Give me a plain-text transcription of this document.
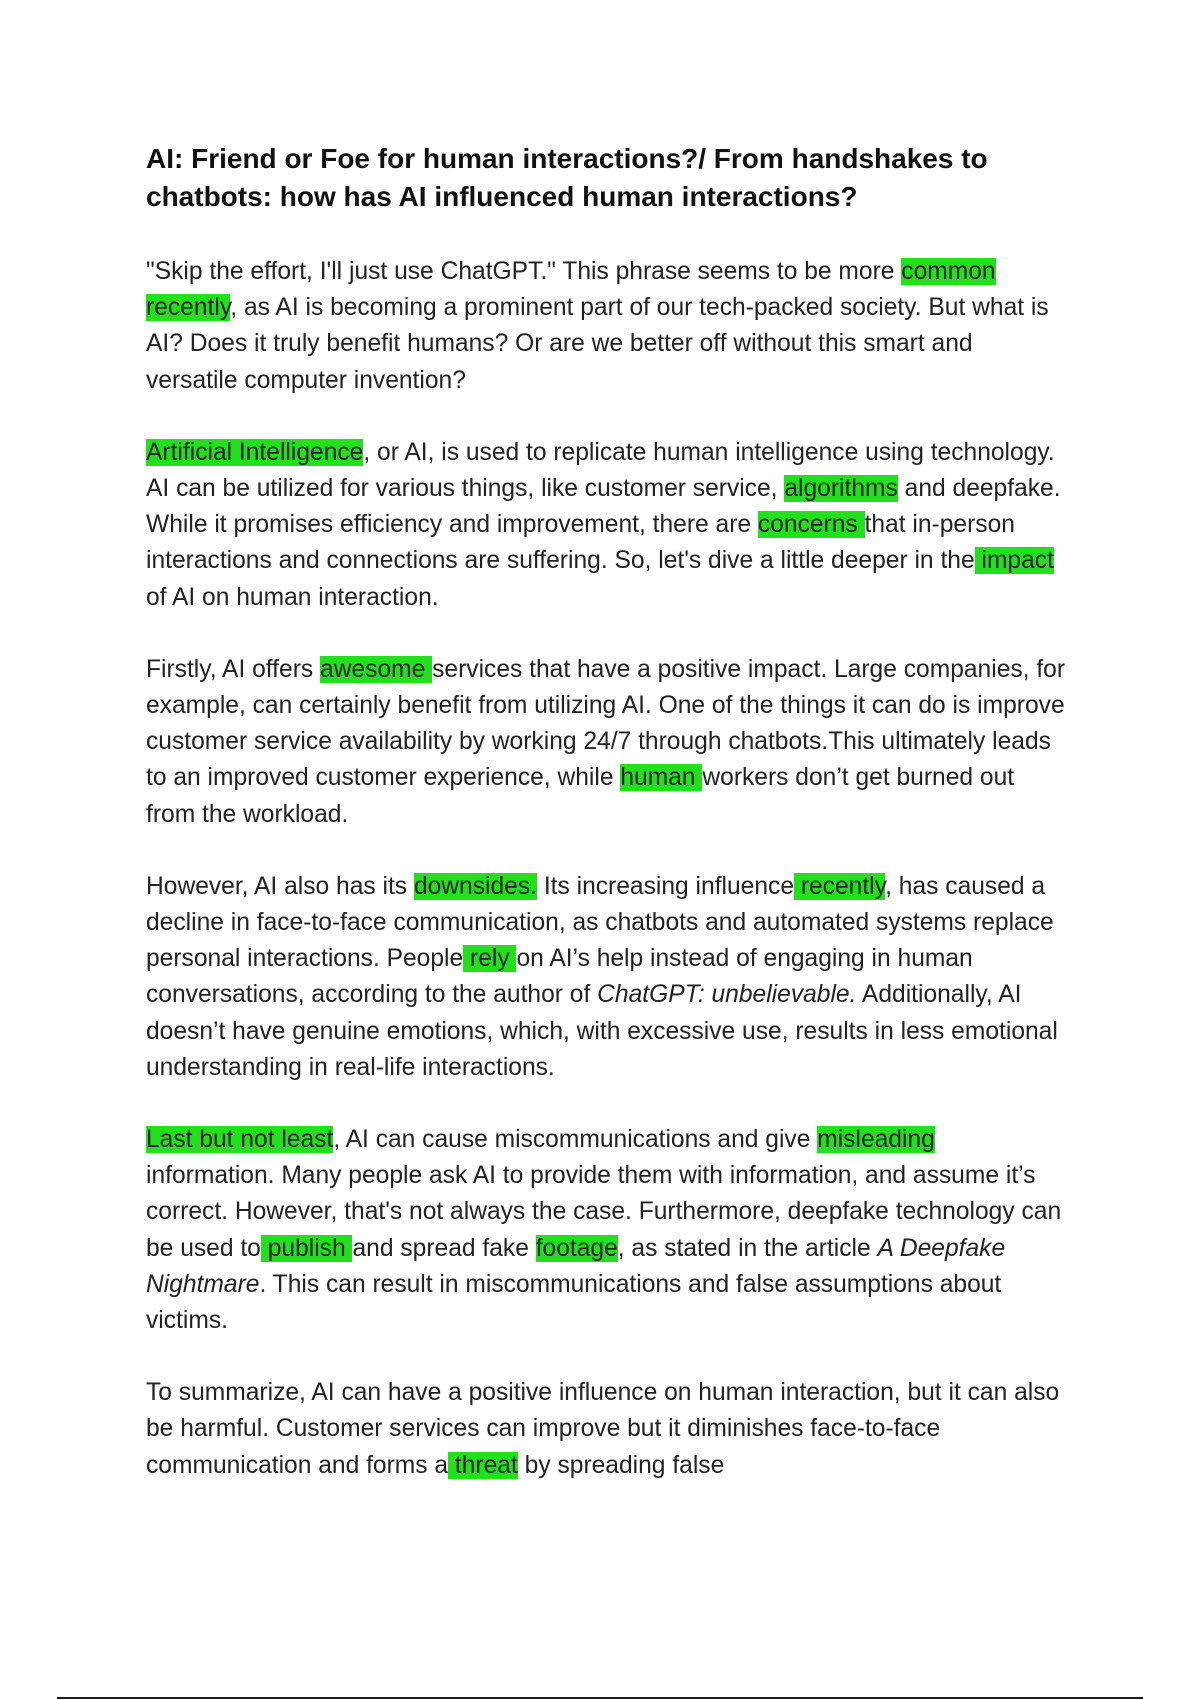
AI: Friend or Foe for human interactions?/ From handshakes to chatbots: how has AI influenced human interactions?

"Skip the effort, I'll just use ChatGPT." This phrase seems to be more common recently, as AI is becoming a prominent part of our tech-packed society. But what is AI? Does it truly benefit humans? Or are we better off without this smart and versatile computer invention?

Artificial Intelligence, or AI, is used to replicate human intelligence using technology. AI can be utilized for various things, like customer service, algorithms and deepfake. While it promises efficiency and improvement, there are concerns that in-person interactions and connections are suffering. So, let's dive a little deeper in the impact of AI on human interaction.

Firstly, AI offers awesome services that have a positive impact. Large companies, for example, can certainly benefit from utilizing AI. One of the things it can do is improve customer service availability by working 24/7 through chatbots.This ultimately leads to an improved customer experience, while human workers don’t get burned out from the workload.

However, AI also has its downsides. Its increasing influence recently, has caused a decline in face-to-face communication, as chatbots and automated systems replace personal interactions. People rely on AI’s help instead of engaging in human conversations, according to the author of ChatGPT: unbelievable. Additionally, AI doesn’t have genuine emotions, which, with excessive use, results in less emotional understanding in real-life interactions.

Last but not least, AI can cause miscommunications and give misleading information. Many people ask AI to provide them with information, and assume it’s correct. However, that's not always the case. Furthermore, deepfake technology can be used to publish and spread fake footage, as stated in the article A Deepfake Nightmare. This can result in miscommunications and false assumptions about victims.

To summarize, AI can have a positive influence on human interaction, but it can also be harmful. Customer services can improve but it diminishes face-to-face communication and forms a threat by spreading false
